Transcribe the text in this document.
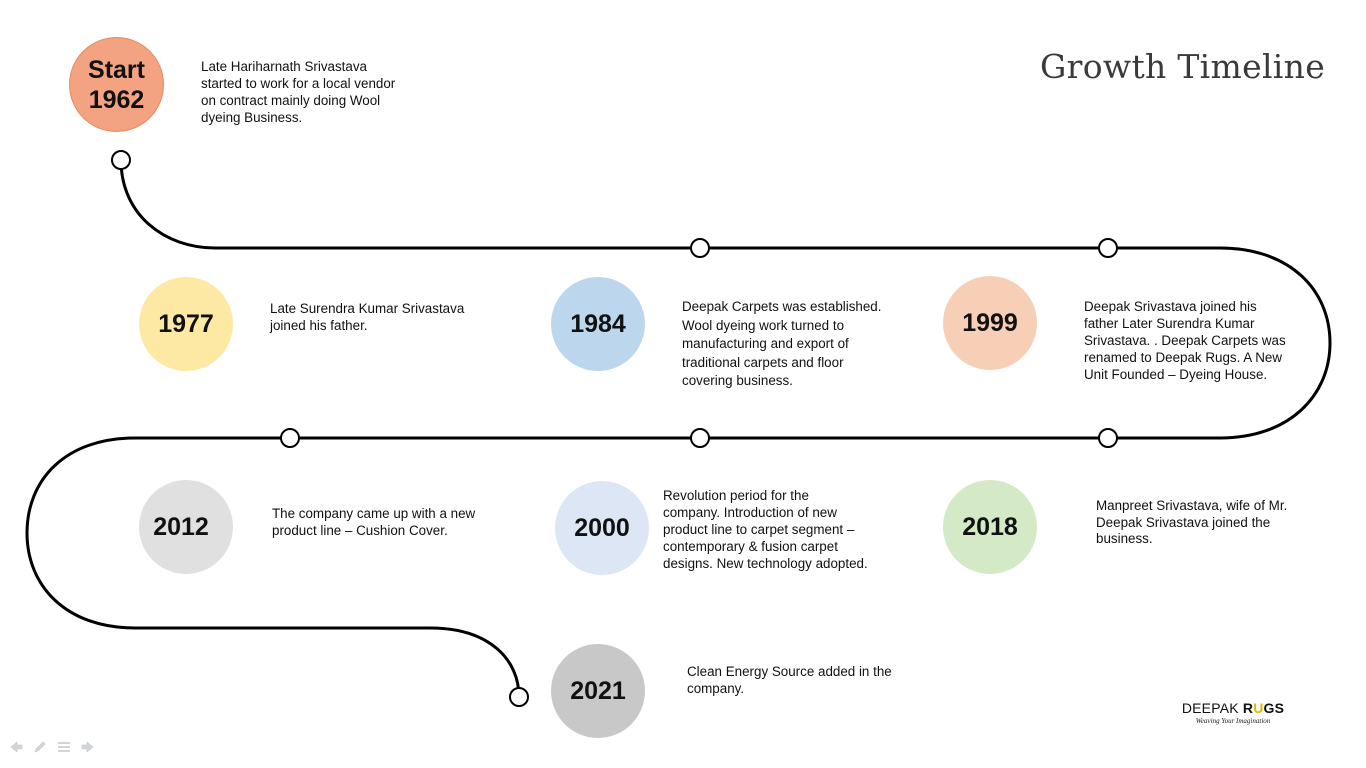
Growth Timeline
Start
1962
Late Hariharnath Srivastava
started to work for a local vendor
on contract mainly doing Wool
dyeing Business.
1977
Late Surendra Kumar Srivastava
joined his father.	1984
Deepak Carpets was established.
Wool dyeing work turned to
manufacturing and export of
traditional carpets and floor
covering business.
1999
Deepak Srivastava joined his
father Later Surendra Kumar
Srivastava. . Deepak Carpets was
renamed to Deepak Rugs. A New
Unit Founded – Dyeing House.
2012	The company came up with a new
product line – Cushion Cover.	2000
Revolution period for the
company. Introduction of new
product line to carpet segment –
contemporary & fusion carpet
designs. New technology adopted.
2018
Manpreet Srivastava, wife of Mr.
Deepak Srivastava joined the
business.
2021
Clean Energy Source added in the
company.
DEEPAK RUGS
Weaving Your Imagination
